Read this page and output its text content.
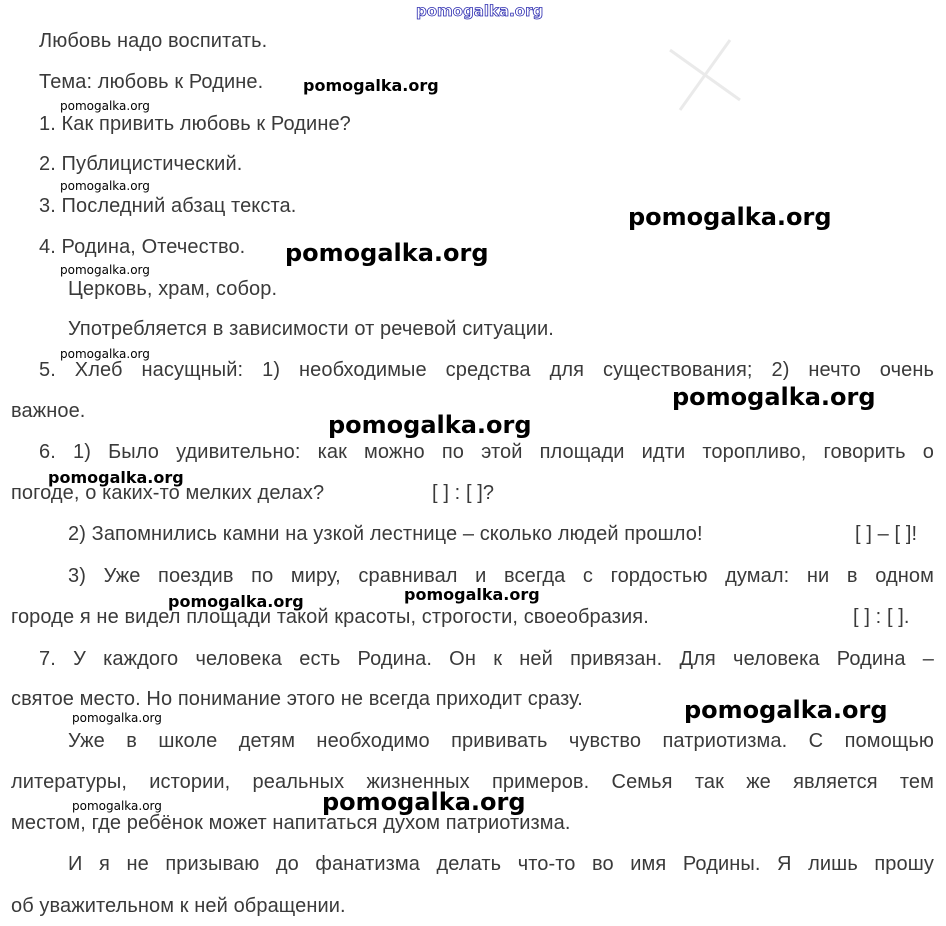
Любовь надо воспитать.
Тема: любовь к Родине.
1. Как привить любовь к Родине?
2. Публицистический.
3. Последний абзац текста.
4. Родина, Отечество.
Церковь, храм, собор.
Употребляется в зависимости от речевой ситуации.
5. Хлеб насущный: 1) необходимые средства для существования; 2) нечто очень
важное.
6. 1) Было удивительно: как можно по этой площади идти торопливо, говорить о
погоде, о каких-то мелких делах?	[ ] : [ ]?
2) Запомнились камни на узкой лестнице – сколько людей прошло!	[ ] – [ ]!
3) Уже поездив по миру, сравнивал и всегда с гордостью думал: ни в одном
городе я не видел площади такой красоты, строгости, своеобразия.	[ ] : [ ].
7. У каждого человека есть Родина. Он к ней привязан. Для человека Родина –
святое место. Но понимание этого не всегда приходит сразу.
Уже в школе детям необходимо прививать чувство патриотизма. С помощью
литературы, истории, реальных жизненных примеров. Семья так же является тем
местом, где ребёнок может напитаться духом патриотизма.
И я не призываю до фанатизма делать что-то во имя Родины. Я лишь прошу
об уважительном к ней обращении.
pomogalka.org
pomogalka.org
pomogalka.org
pomogalka.org
pomogalka.org
pomogalka.org
pomogalka.org
pomogalka.org
pomogalka.org
pomogalka.org
pomogalka.org
pomogalka.org	pomogalka.org
pomogalka.org
pomogalka.org
pomogalka.org
pomogalka.org
